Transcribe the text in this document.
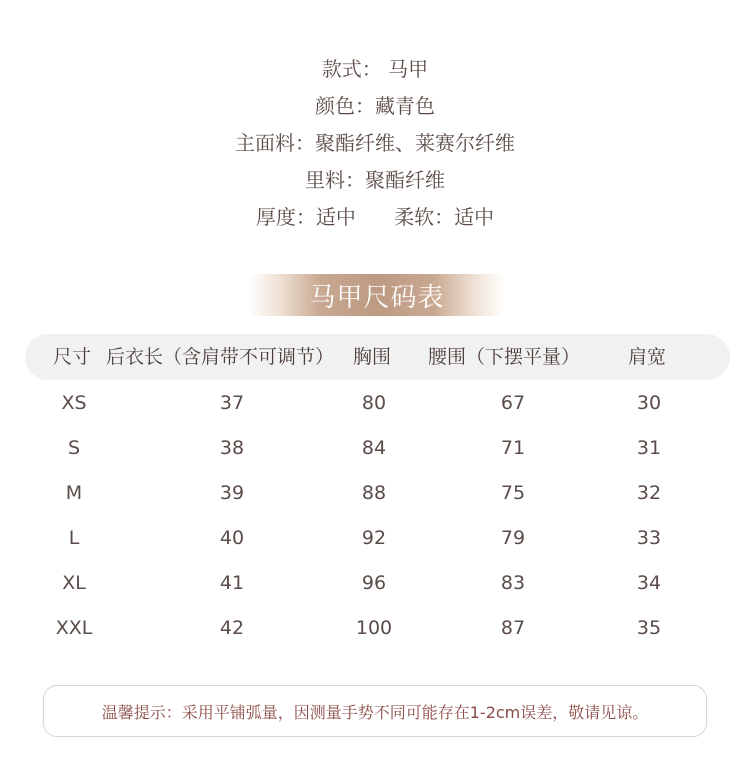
款式： 马甲
颜色：藏青色
主面料：聚酯纤维、莱赛尔纤维
里料：聚酯纤维
厚度：适中      柔软：适中
马甲尺码表
尺寸 后衣长（含肩带不可调节） 胸围 腰围（下摆平量）	肩宽
XS	37	80	67	30
S	38	84	71	31
M	39	88	75	32
L	40	92	79	33
XL	41	96	83	34
XXL	42	100	87	35
温馨提示：采用平铺弧量，因测量手势不同可能存在1-2cm误差，敬请见谅。
